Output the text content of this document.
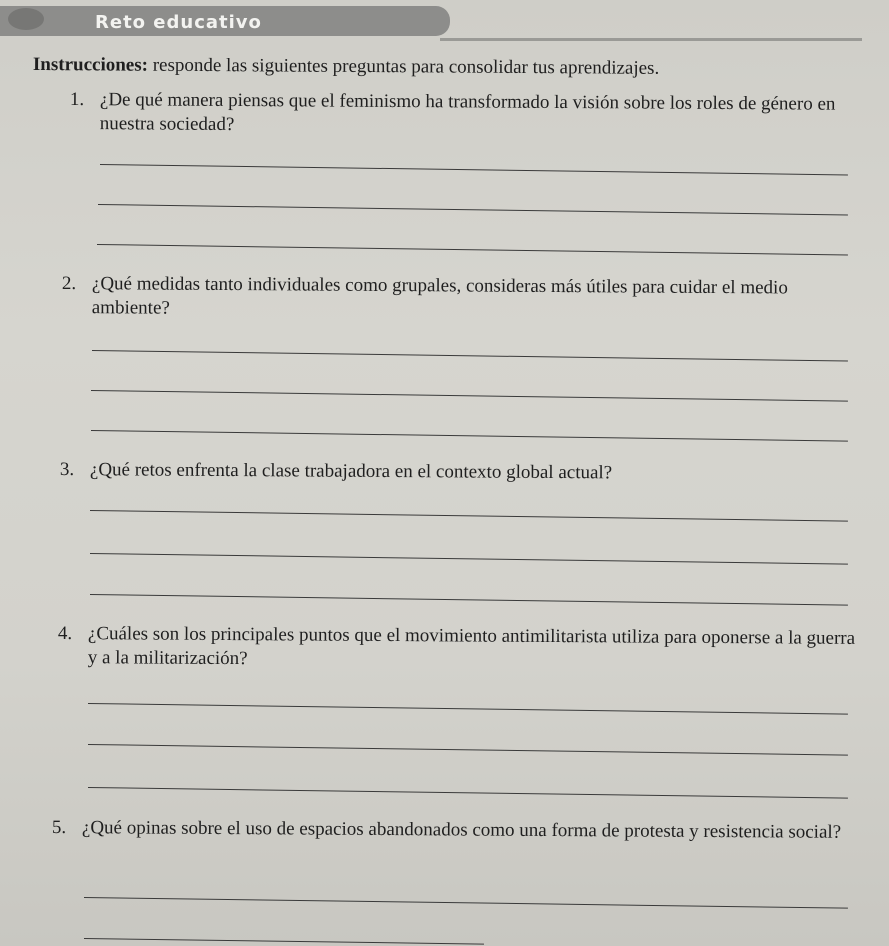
Reto educativo
Instrucciones: responde las siguientes preguntas para consolidar tus aprendizajes.
1. ¿De qué manera piensas que el feminismo ha transformado la visión sobre los roles de género en nuestra sociedad?
2. ¿Qué medidas tanto individuales como grupales, consideras más útiles para cuidar el medio ambiente?
3. ¿Qué retos enfrenta la clase trabajadora en el contexto global actual?
4. ¿Cuáles son los principales puntos que el movimiento antimilitarista utiliza para oponerse a la guerra y a la militarización?
5. ¿Qué opinas sobre el uso de espacios abandonados como una forma de protesta y resistencia social?
